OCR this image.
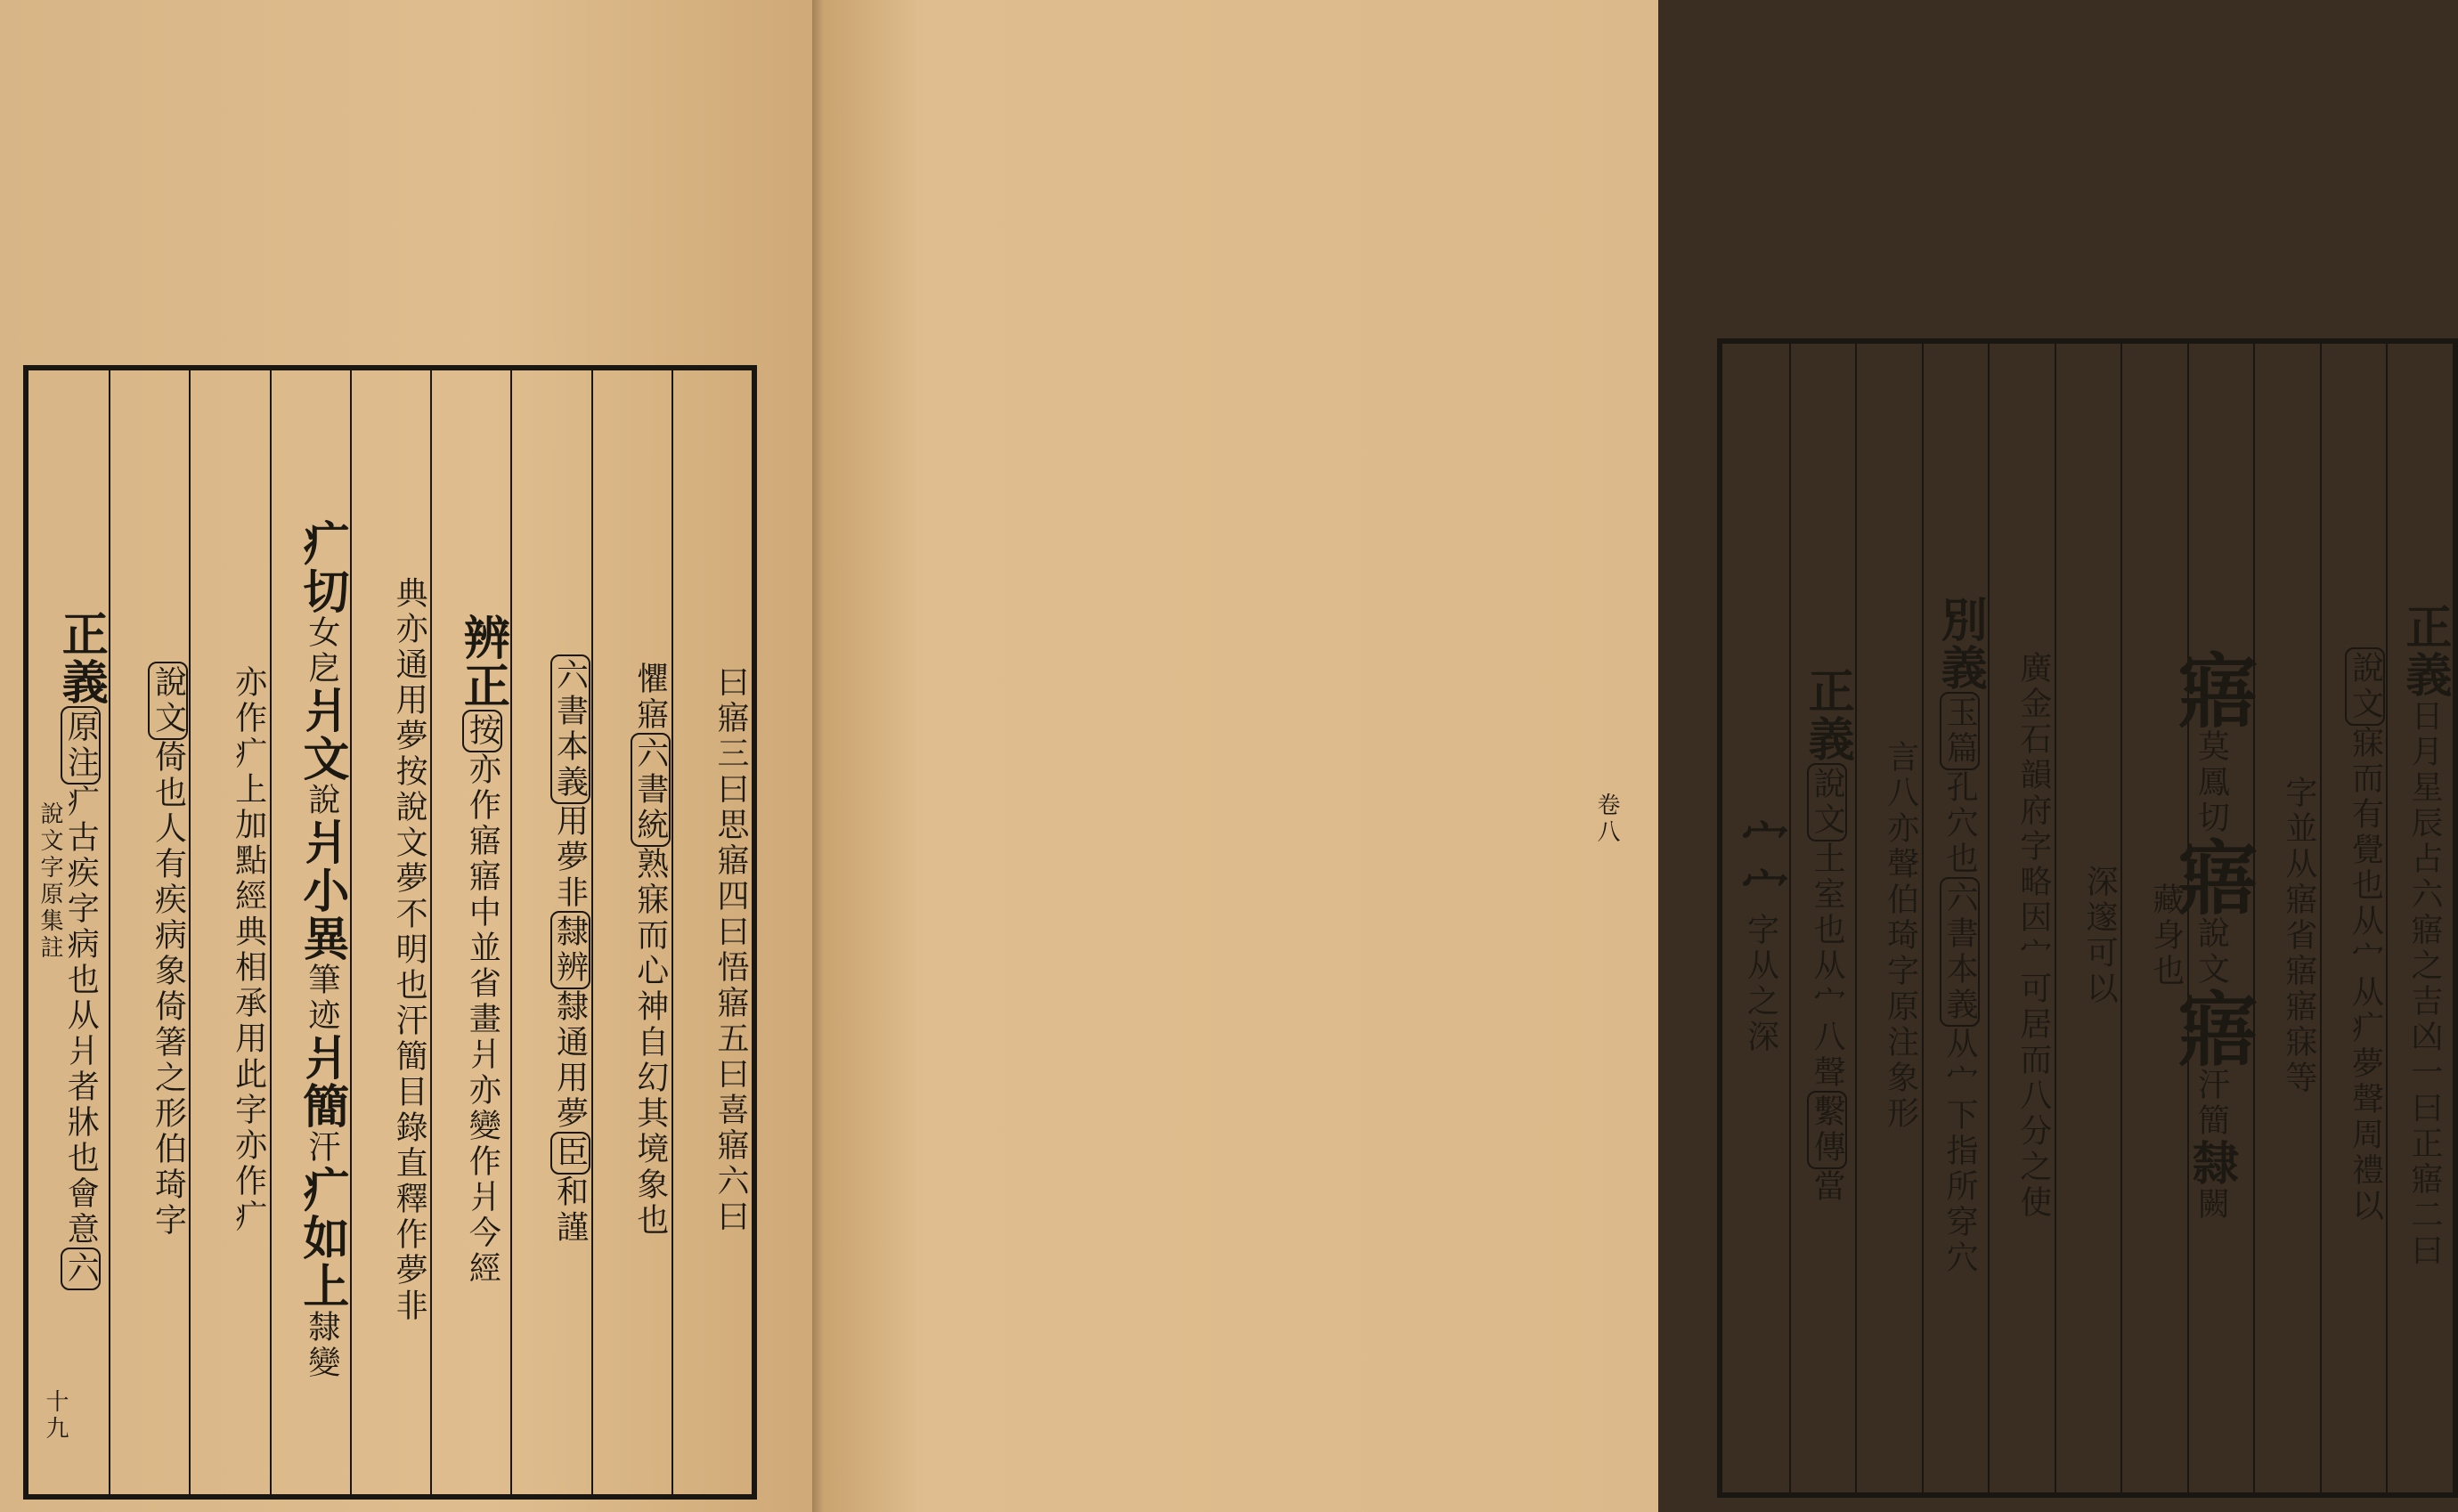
說文字原集註
十九
正義原注疒古疾字病也从爿者牀也會意六
說文倚也人有疾病象倚箸之形伯琦字	亦作疒上加點經典相承用此字亦作疒
疒切女戹爿文說爿小異筆迹爿簡汗疒如上隸變
典亦通用夢按說文夢不明也汗簡目錄直釋作夢非 辨正按亦作寤寤中並省畫爿亦變作爿今經
六書本義用夢非隸辨隸通用夢臣和謹
懼寤六書統熟寐而心神自幻其境象也	曰寤三曰思寤四曰悟寤五曰喜寤六曰	卷八 宀宀字从之深
正義說文土室也从宀八聲繫傳當
言八亦聲伯琦字原注象形
別義玉篇孔穴也六書本義从宀下指所穿穴
廣金石韻府字略因宀可居而八分之使 深邃可以 藏身也
寤莫鳳切寤說文寤汗簡隸闕
字並从寤省寤寤寐等
說文寐而有覺也从宀从疒夢聲周禮以
正義日月星辰占六寤之吉凶一曰正寤二曰
